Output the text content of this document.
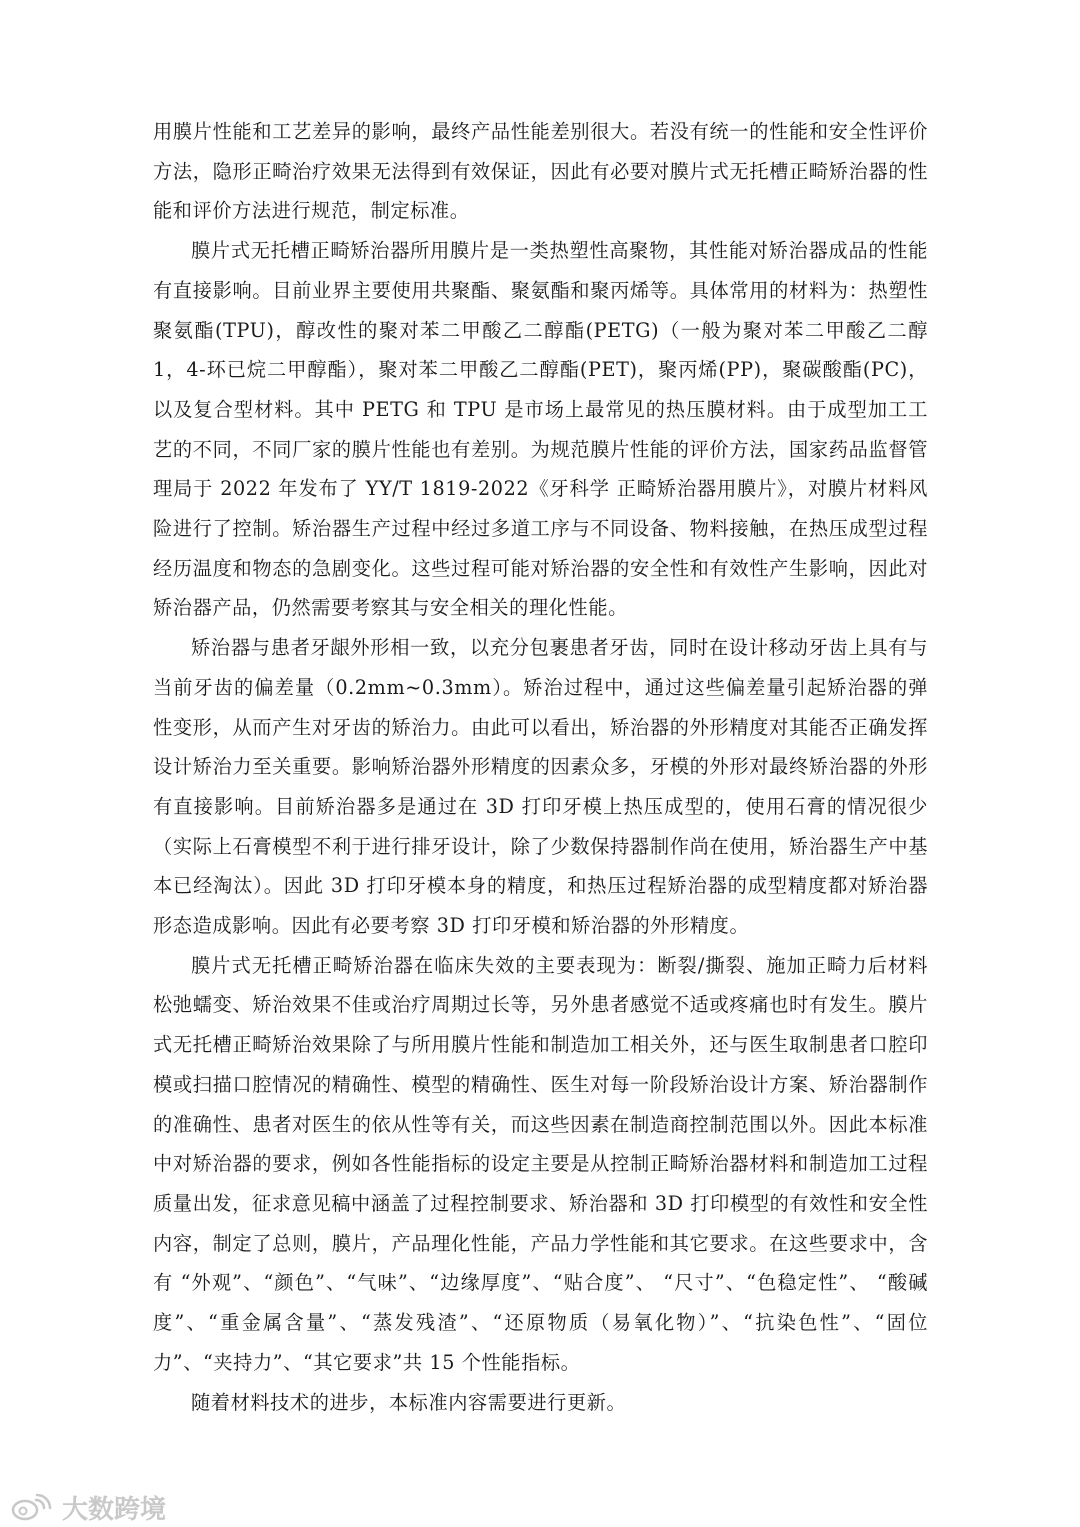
用膜片性能和工艺差异的影响，最终产品性能差别很大。若没有统一的性能和安全性评价方法，隐形正畸治疗效果无法得到有效保证，因此有必要对膜片式无托槽正畸矫治器的性能和评价方法进行规范，制定标准。

膜片式无托槽正畸矫治器所用膜片是一类热塑性高聚物，其性能对矫治器成品的性能有直接影响。目前业界主要使用共聚酯、聚氨酯和聚丙烯等。具体常用的材料为：热塑性聚氨酯(TPU)，醇改性的聚对苯二甲酸乙二醇酯(PETG)（一般为聚对苯二甲酸乙二醇 1，4-环已烷二甲醇酯），聚对苯二甲酸乙二醇酯(PET)，聚丙烯(PP)，聚碳酸酯(PC)，以及复合型材料。其中 PETG 和 TPU 是市场上最常见的热压膜材料。由于成型加工工艺的不同，不同厂家的膜片性能也有差别。为规范膜片性能的评价方法，国家药品监督管理局于 2022 年发布了 YY/T 1819-2022《牙科学 正畸矫治器用膜片》，对膜片材料风险进行了控制。矫治器生产过程中经过多道工序与不同设备、物料接触，在热压成型过程经历温度和物态的急剧变化。这些过程可能对矫治器的安全性和有效性产生影响，因此对矫治器产品，仍然需要考察其与安全相关的理化性能。

矫治器与患者牙龈外形相一致，以充分包裹患者牙齿，同时在设计移动牙齿上具有与当前牙齿的偏差量（0.2mm~0.3mm）。矫治过程中，通过这些偏差量引起矫治器的弹性变形，从而产生对牙齿的矫治力。由此可以看出，矫治器的外形精度对其能否正确发挥设计矫治力至关重要。影响矫治器外形精度的因素众多，牙模的外形对最终矫治器的外形有直接影响。目前矫治器多是通过在 3D 打印牙模上热压成型的，使用石膏的情况很少（实际上石膏模型不利于进行排牙设计，除了少数保持器制作尚在使用，矫治器生产中基本已经淘汰）。因此 3D 打印牙模本身的精度，和热压过程矫治器的成型精度都对矫治器形态造成影响。因此有必要考察 3D 打印牙模和矫治器的外形精度。

膜片式无托槽正畸矫治器在临床失效的主要表现为：断裂/撕裂、施加正畸力后材料松弛蠕变、矫治效果不佳或治疗周期过长等，另外患者感觉不适或疼痛也时有发生。膜片式无托槽正畸矫治效果除了与所用膜片性能和制造加工相关外，还与医生取制患者口腔印模或扫描口腔情况的精确性、模型的精确性、医生对每一阶段矫治设计方案、矫治器制作的准确性、患者对医生的依从性等有关，而这些因素在制造商控制范围以外。因此本标准中对矫治器的要求，例如各性能指标的设定主要是从控制正畸矫治器材料和制造加工过程质量出发，征求意见稿中涵盖了过程控制要求、矫治器和 3D 打印模型的有效性和安全性内容，制定了总则，膜片，产品理化性能，产品力学性能和其它要求。在这些要求中，含有 “外观”、“颜色”、“气味”、“边缘厚度”、“贴合度”、 “尺寸”、“色稳定性”、 “酸碱度”、“重金属含量”、“蒸发残渣”、“还原物质（易氧化物）”、“抗染色性”、“固位力”、“夹持力”、“其它要求”共 15 个性能指标。

随着材料技术的进步，本标准内容需要进行更新。

大数跨境
